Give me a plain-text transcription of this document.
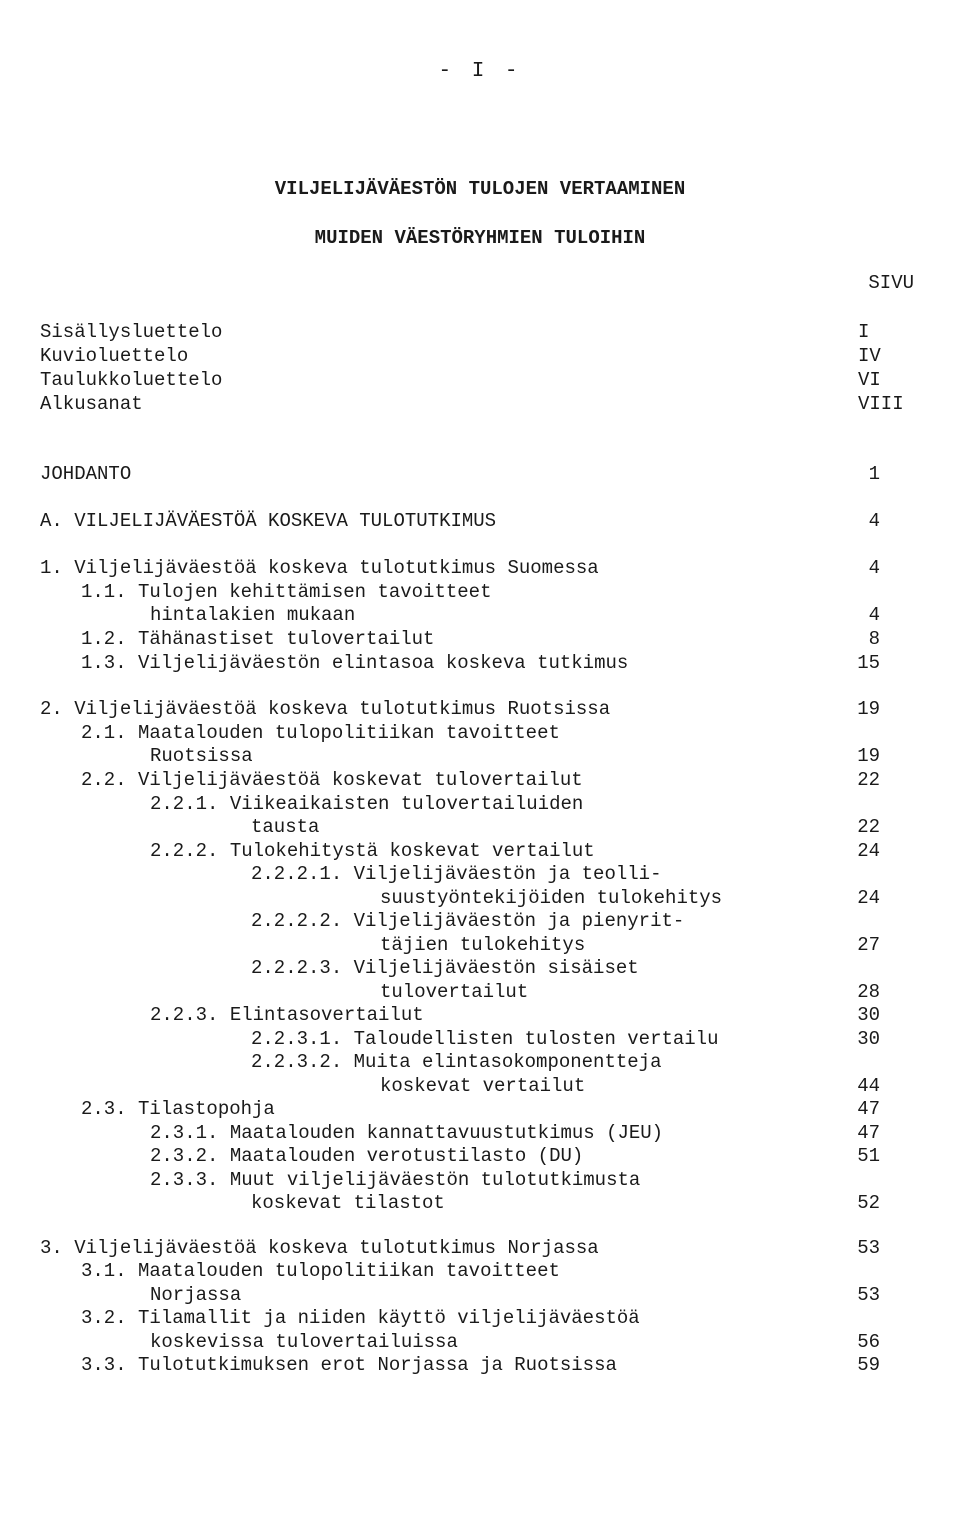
- I -
VILJELIJÄVÄESTÖN TULOJEN VERTAAMINEN
MUIDEN VÄESTÖRYHMIEN TULOIHIN
SIVU
Sisällysluettelo	I
Kuvioluettelo	IV
Taulukkoluettelo	VI
Alkusanat	VIII
JOHDANTO	1
A. VILJELIJÄVÄESTÖÄ KOSKEVA TULOTUTKIMUS	4
1. Viljelijäväestöä koskeva tulotutkimus Suomessa	4
1.1. Tulojen kehittämisen tavoitteet
hintalakien mukaan	4
1.2. Tähänastiset tulovertailut	8
1.3. Viljelijäväestön elintasoa koskeva tutkimus	15
2. Viljelijäväestöä koskeva tulotutkimus Ruotsissa	19
2.1. Maatalouden tulopolitiikan tavoitteet
Ruotsissa	19
2.2. Viljelijäväestöä koskevat tulovertailut	22
2.2.1. Viikeaikaisten tulovertailuiden
tausta	22
2.2.2. Tulokehitystä koskevat vertailut	24
2.2.2.1. Viljelijäväestön ja teolli-
suustyöntekijöiden tulokehitys	24
2.2.2.2. Viljelijäväestön ja pienyrit-
täjien tulokehitys	27
2.2.2.3. Viljelijäväestön sisäiset
tulovertailut	28
2.2.3. Elintasovertailut	30
2.2.3.1. Taloudellisten tulosten vertailu	30
2.2.3.2. Muita elintasokomponentteja
koskevat vertailut	44
2.3. Tilastopohja	47
2.3.1. Maatalouden kannattavuustutkimus (JEU)	47
2.3.2. Maatalouden verotustilasto (DU)	51
2.3.3. Muut viljelijäväestön tulotutkimusta
koskevat tilastot	52
3. Viljelijäväestöä koskeva tulotutkimus Norjassa	53
3.1. Maatalouden tulopolitiikan tavoitteet
Norjassa	53
3.2. Tilamallit ja niiden käyttö viljelijäväestöä
koskevissa tulovertailuissa	56
3.3. Tulotutkimuksen erot Norjassa ja Ruotsissa	59
